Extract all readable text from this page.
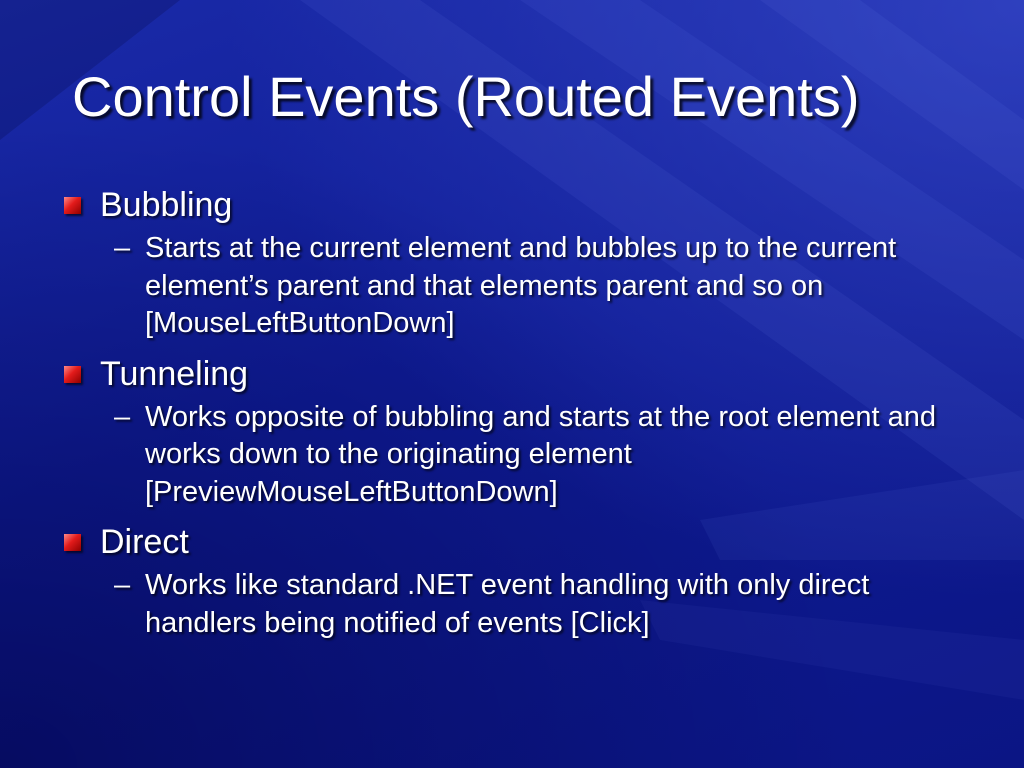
Control Events (Routed Events)
Bubbling
– Starts at the current element and bubbles up to the current element’s parent and that elements parent and so on [MouseLeftButtonDown]
Tunneling
– Works opposite of bubbling and starts at the root element and works down to the originating element [PreviewMouseLeftButtonDown]
Direct
– Works like standard .NET event handling with only direct handlers being notified of events [Click]
